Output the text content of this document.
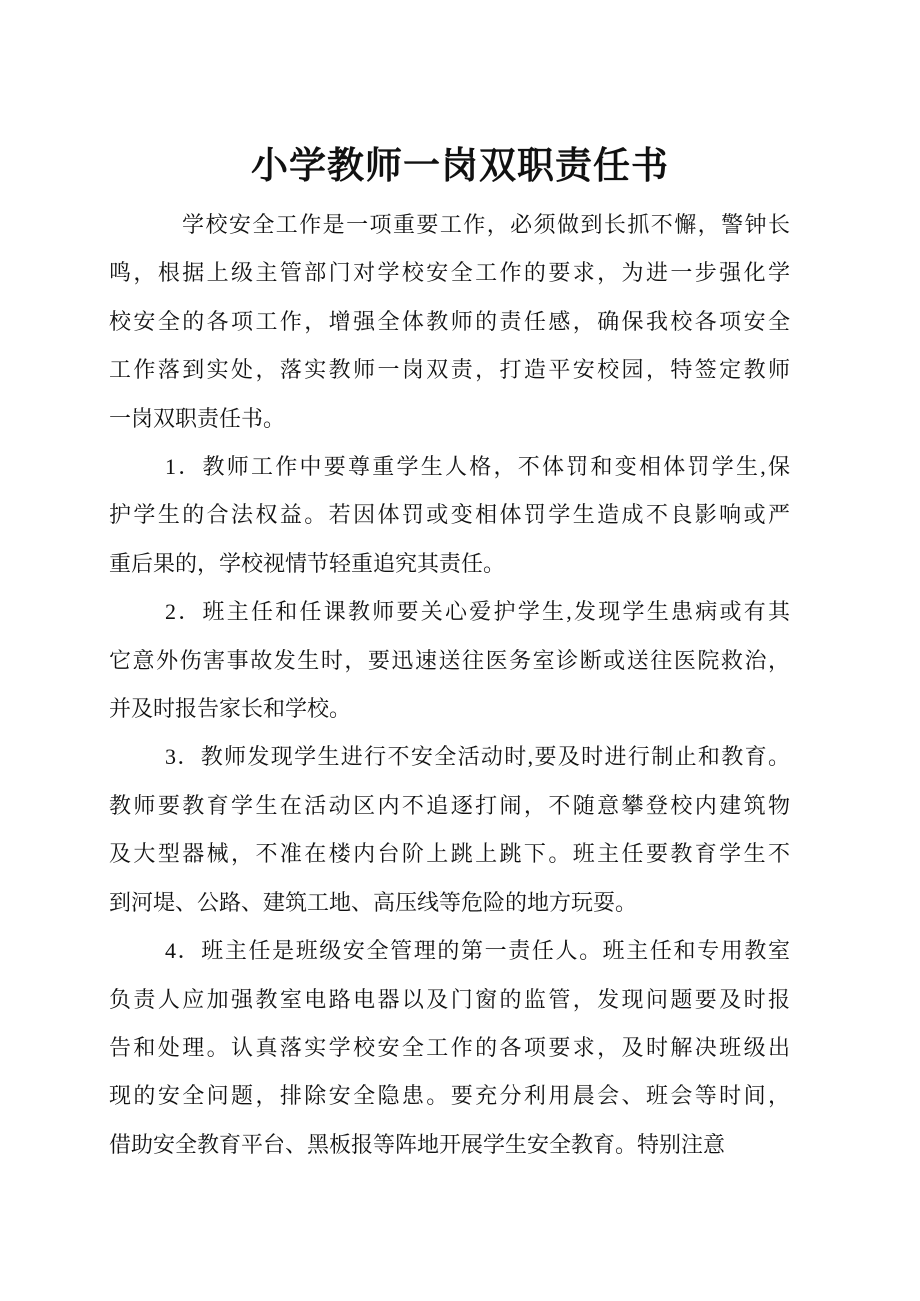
小学教师一岗双职责任书

学校安全工作是一项重要工作，必须做到长抓不懈，警钟长
鸣，根据上级主管部门对学校安全工作的要求，为进一步强化学
校安全的各项工作，增强全体教师的责任感，确保我校各项安全
工作落到实处，落实教师一岗双责，打造平安校园，特签定教师
一岗双职责任书。

1．教师工作中要尊重学生人格，不体罚和变相体罚学生,保
护学生的合法权益。若因体罚或变相体罚学生造成不良影响或严
重后果的，学校视情节轻重追究其责任。

2．班主任和任课教师要关心爱护学生,发现学生患病或有其
它意外伤害事故发生时，要迅速送往医务室诊断或送往医院救治，
并及时报告家长和学校。

3．教师发现学生进行不安全活动时,要及时进行制止和教育。
教师要教育学生在活动区内不追逐打闹，不随意攀登校内建筑物
及大型器械，不准在楼内台阶上跳上跳下。班主任要教育学生不
到河堤、公路、建筑工地、高压线等危险的地方玩耍。

4．班主任是班级安全管理的第一责任人。班主任和专用教室
负责人应加强教室电路电器以及门窗的监管，发现问题要及时报
告和处理。认真落实学校安全工作的各项要求，及时解决班级出
现的安全问题，排除安全隐患。要充分利用晨会、班会等时间，
借助安全教育平台、黑板报等阵地开展学生安全教育。特别注意
